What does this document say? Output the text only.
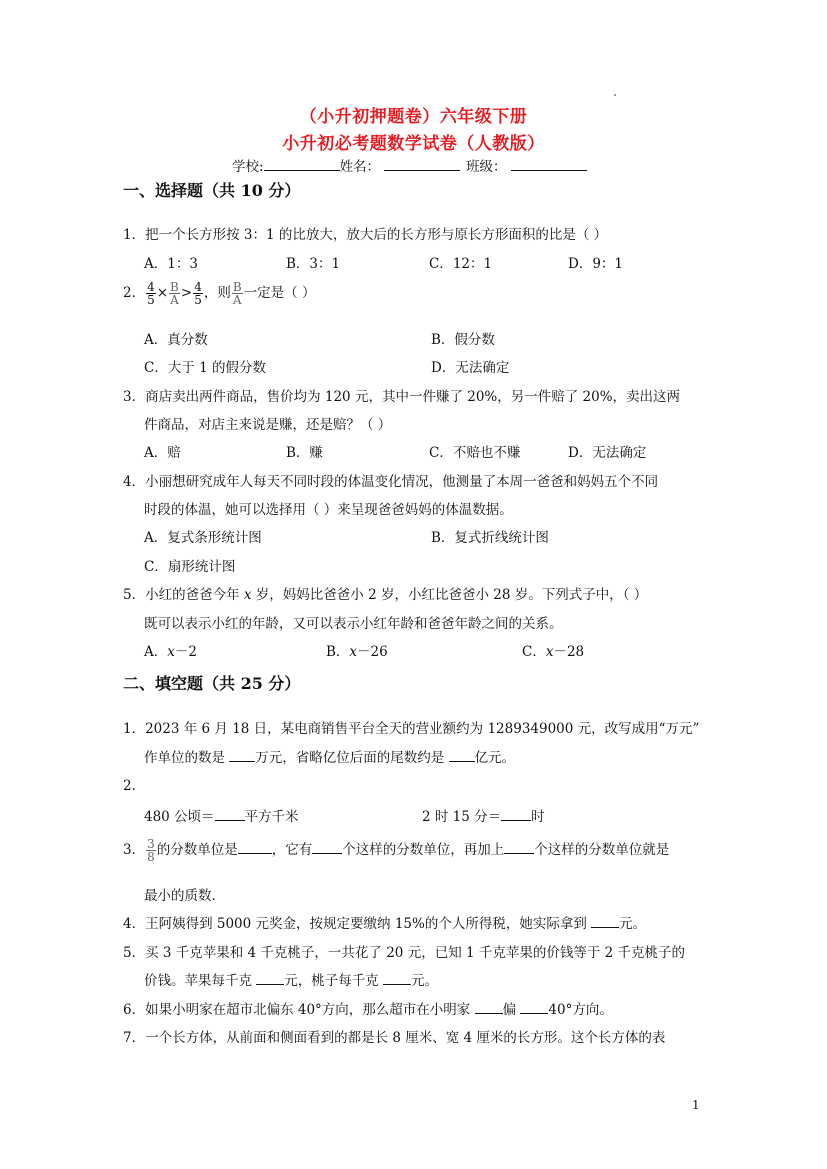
（小升初押题卷）六年级下册
小升初必考题数学试卷（人教版）
学校:	姓名：	班级：
一、选择题（共 10 分）
1．把一个长方形按 3：1 的比放大，放大后的长方形与原长方形面积的比是（ ）
A．1：3	B．3：1	C．12：1	D．9：1
2． $\frac{4}{5} \times \frac{B}{A} > \frac{4}{5}$ ，则 $\frac{B}{A}$ 一定是（ ）
A．真分数	B．假分数
C．大于 1 的假分数	D．无法确定
3．商店卖出两件商品，售价均为 120 元，其中一件赚了 20%，另一件赔了 20%，卖出这两
件商品，对店主来说是赚，还是赔？（ ）
A．赔	B．赚	C．不赔也不赚	D．无法确定
4．小丽想研究成年人每天不同时段的体温变化情况，他测量了本周一爸爸和妈妈五个不同
时段的体温，她可以选择用（ ）来呈现爸爸妈妈的体温数据。
A．复式条形统计图	B．复式折线统计图
C．扇形统计图
5．小红的爸爸今年 x 岁，妈妈比爸爸小 2 岁，小红比爸爸小 28 岁。下列式子中，（ ）
既可以表示小红的年龄，又可以表示小红年龄和爸爸年龄之间的关系。
A．x－2	B．x－26	C．x－28
二、填空题（共 25 分）
1．2023 年 6 月 18 日，某电商销售平台全天的营业额约为 1289349000 元，改写成用“万元”
作单位的数是 万元，省略亿位后面的尾数约是 亿元。
2．
480 公顷＝ 平方千米	2 时 15 分＝ 时
3． $\frac{3}{8}$ 的分数单位是	，它有 个这样的分数单位，再加上 个这样的分数单位就是
最小的质数．
4．王阿姨得到 5000 元奖金，按规定要缴纳 15%的个人所得税，她实际拿到 元。
5．买 3 千克苹果和 4 千克桃子，一共花了 20 元，已知 1 千克苹果的价钱等于 2 千克桃子的
价钱。苹果每千克 元，桃子每千克 元。
6．如果小明家在超市北偏东 40°方向，那么超市在小明家 偏 40°方向。
7．一个长方体，从前面和侧面看到的都是长 8 厘米、宽 4 厘米的长方形。这个长方体的表
1
